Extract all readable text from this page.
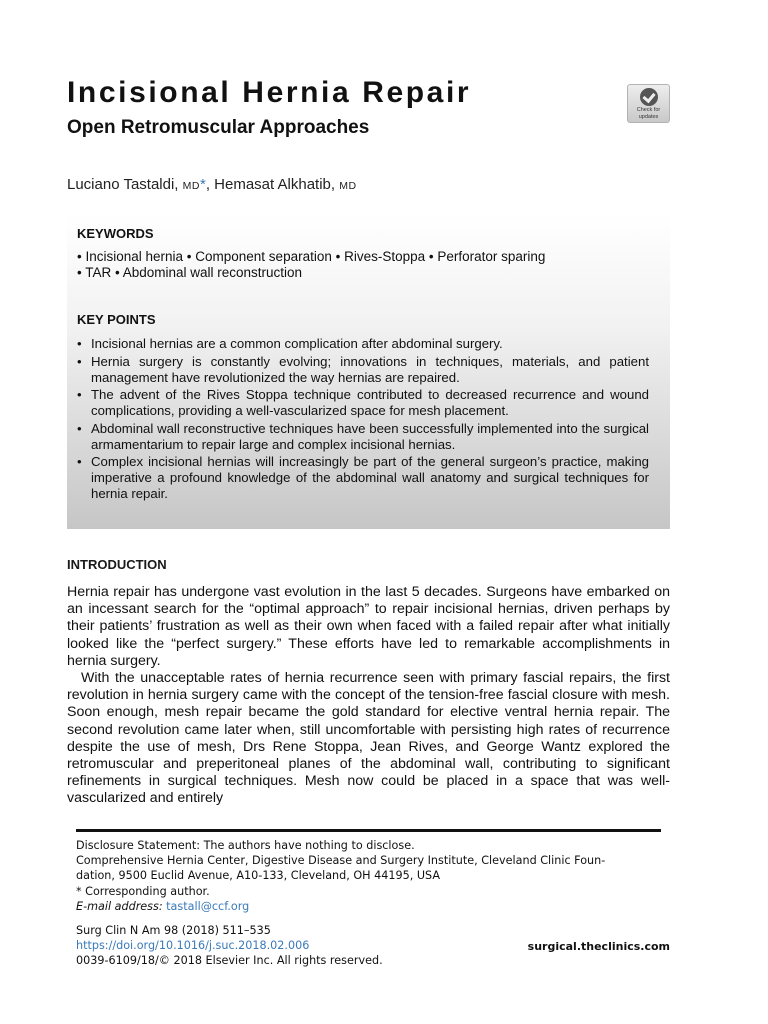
Incisional Hernia Repair
Open Retromuscular Approaches
Check for
updates
Luciano Tastaldi, MD*, Hemasat Alkhatib, MD
KEYWORDS
• Incisional hernia • Component separation • Rives-Stoppa • Perforator sparing
• TAR • Abdominal wall reconstruction
KEY POINTS
• Incisional hernias are a common complication after abdominal surgery.
• Hernia surgery is constantly evolving; innovations in techniques, materials, and patient management have revolutionized the way hernias are repaired.
• The advent of the Rives Stoppa technique contributed to decreased recurrence and wound complications, providing a well-vascularized space for mesh placement.
• Abdominal wall reconstructive techniques have been successfully implemented into the surgical armamentarium to repair large and complex incisional hernias.
• Complex incisional hernias will increasingly be part of the general surgeon’s practice, making imperative a profound knowledge of the abdominal wall anatomy and surgical techniques for hernia repair.
INTRODUCTION

Hernia repair has undergone vast evolution in the last 5 decades. Surgeons have embarked on an incessant search for the “optimal approach” to repair incisional hernias, driven perhaps by their patients’ frustration as well as their own when faced with a failed repair after what initially looked like the “perfect surgery.” These efforts have led to remarkable accomplishments in hernia surgery.

With the unacceptable rates of hernia recurrence seen with primary fascial repairs, the first revolution in hernia surgery came with the concept of the tension-free fascial closure with mesh. Soon enough, mesh repair became the gold standard for elective ventral hernia repair. The second revolution came later when, still uncomfortable with persisting high rates of recurrence despite the use of mesh, Drs Rene Stoppa, Jean Rives, and George Wantz explored the retromuscular and preperitoneal planes of the abdominal wall, contributing to significant refinements in surgical techniques. Mesh now could be placed in a space that was well-vascularized and entirely

Disclosure Statement: The authors have nothing to disclose.

Comprehensive Hernia Center, Digestive Disease and Surgery Institute, Cleveland Clinic Foun-

dation, 9500 Euclid Avenue, A10-133, Cleveland, OH 44195, USA

* Corresponding author.

E-mail address: tastall@ccf.org

Surg Clin N Am 98 (2018) 511–535

https://doi.org/10.1016/j.suc.2018.02.006

0039-6109/18/© 2018 Elsevier Inc. All rights reserved.

surgical.theclinics.com
